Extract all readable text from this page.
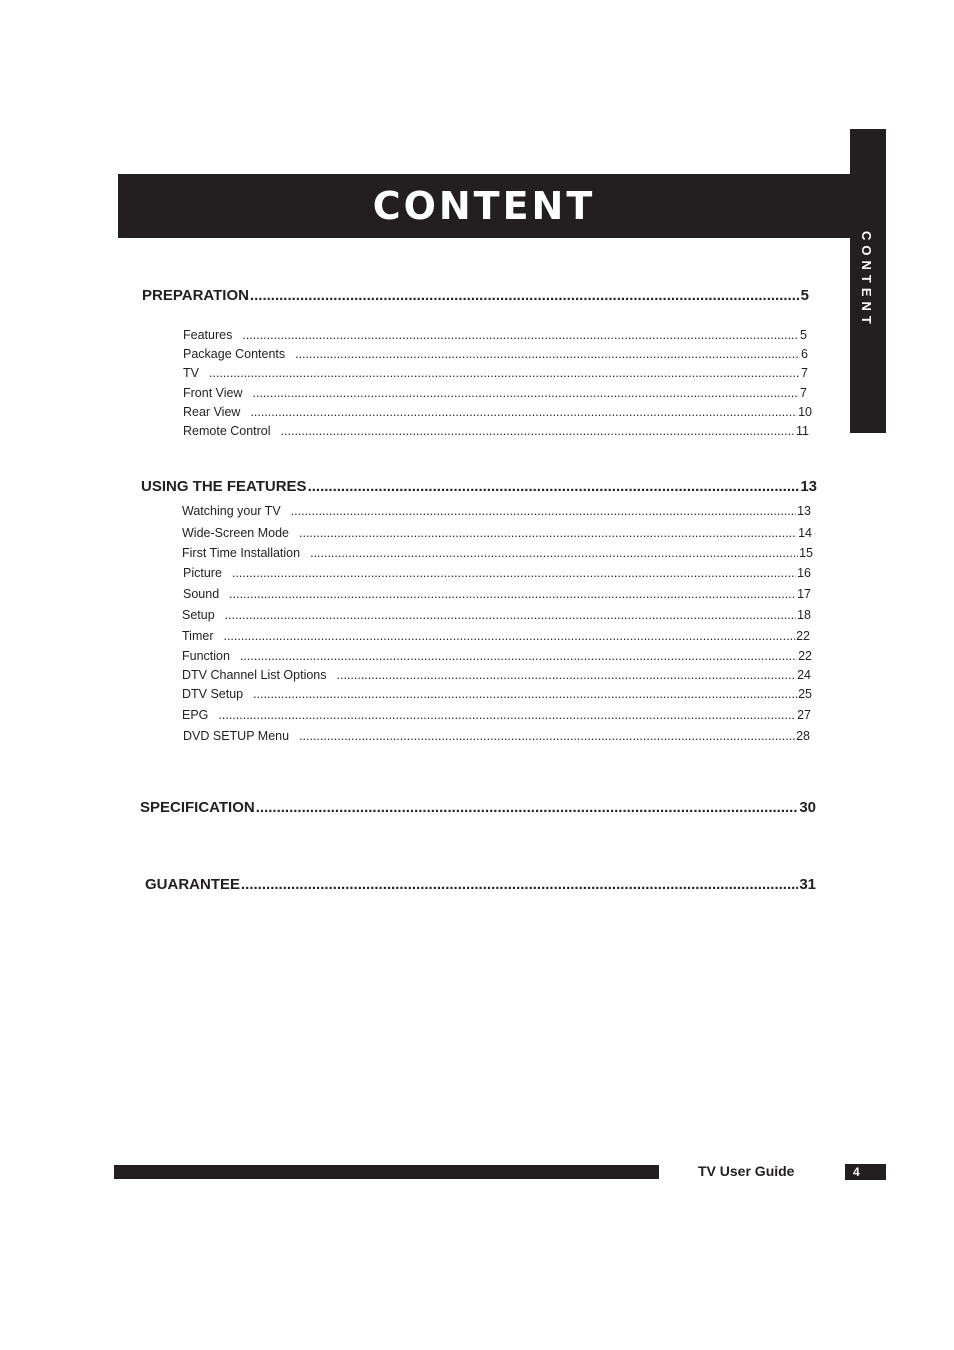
CONTENT
CONTENT
PREPARATION .....	5
Features .....	5
Package Contents .....	6
TV .....	7
Front View .....	7
Rear View .....	10
Remote Control .....	11
USING THE FEATURES .....	13
Watching your TV .....	13
Wide-Screen Mode .....	14
First Time Installation .....	15
Picture .....	16
Sound .....	17
Setup .....	18
Timer .....	22
Function .....	22
DTV Channel List Options .....	24
DTV Setup .....	25
EPG .....	27
DVD SETUP Menu .....	28
SPECIFICATION .....	30
GUARANTEE .....	31
TV User Guide	4
